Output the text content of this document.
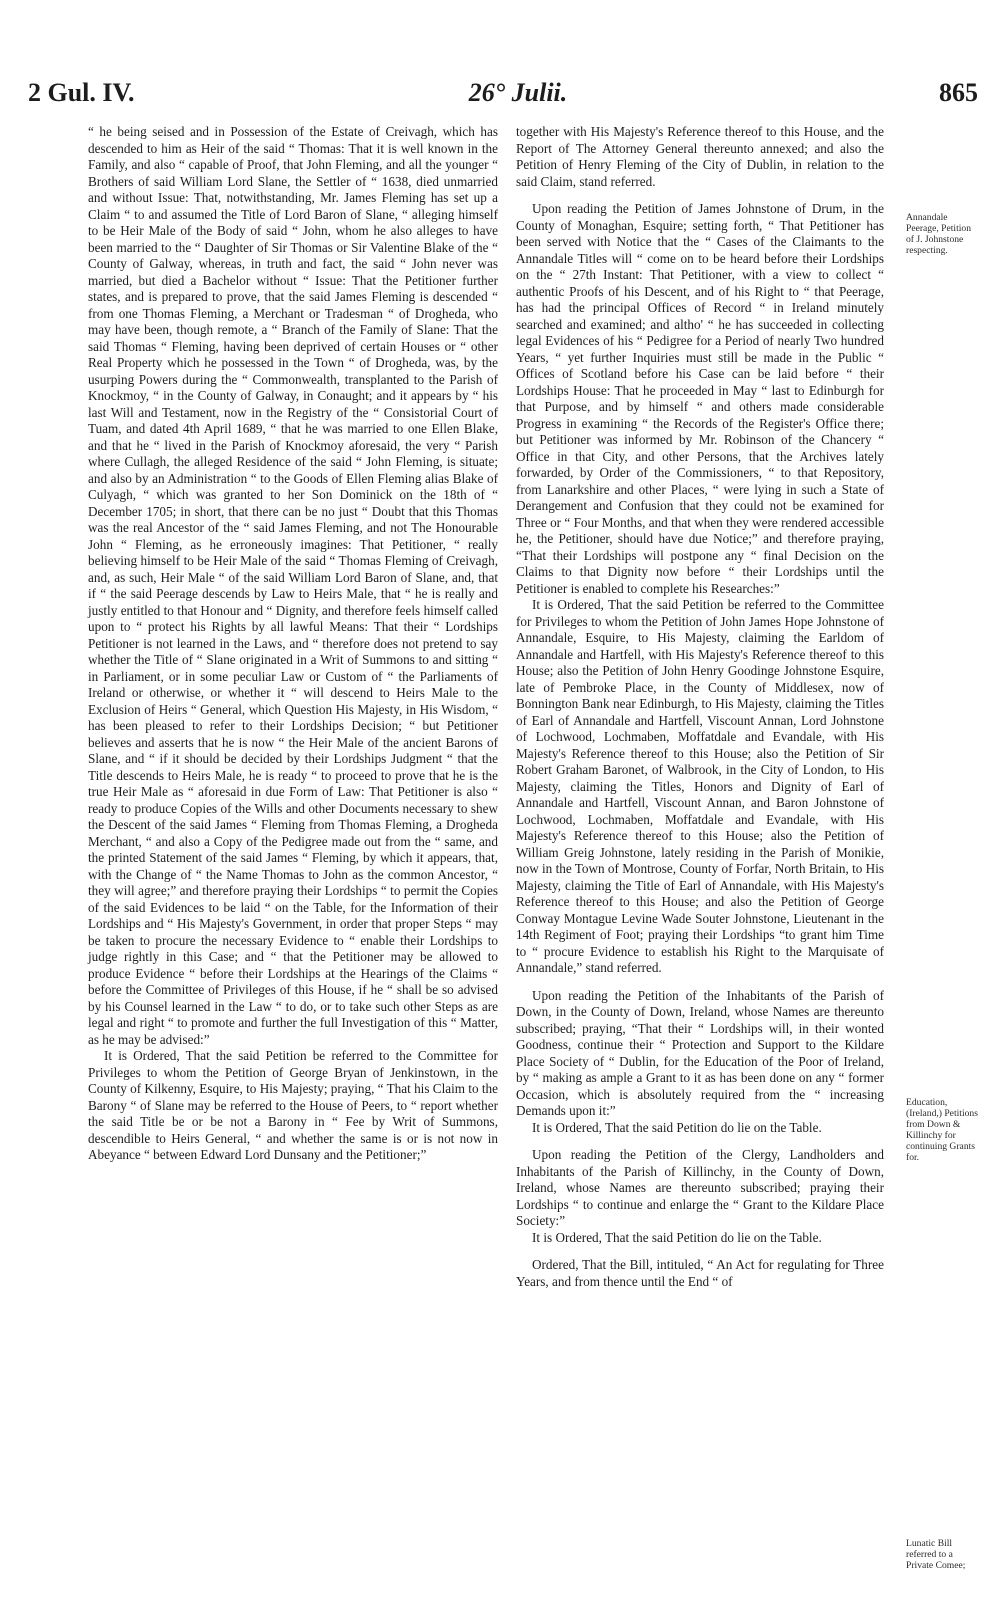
2 Gul. IV.	26° Julii.	865

“ he being seised and in Possession of the Estate of Creivagh, which has descended to him as Heir of the said “ Thomas: That it is well known in the Family, and also “ capable of Proof, that John Fleming, and all the younger “ Brothers of said William Lord Slane, the Settler of “ 1638, died unmarried and without Issue: That, notwithstanding, Mr. James Fleming has set up a Claim “ to and assumed the Title of Lord Baron of Slane, “ alleging himself to be Heir Male of the Body of said “ John, whom he also alleges to have been married to the “ Daughter of Sir Thomas or Sir Valentine Blake of the “ County of Galway, whereas, in truth and fact, the said “ John never was married, but died a Bachelor without “ Issue: That the Petitioner further states, and is prepared to prove, that the said James Fleming is descended “ from one Thomas Fleming, a Merchant or Tradesman “ of Drogheda, who may have been, though remote, a “ Branch of the Family of Slane: That the said Thomas “ Fleming, having been deprived of certain Houses or “ other Real Property which he possessed in the Town “ of Drogheda, was, by the usurping Powers during the “ Commonwealth, transplanted to the Parish of Knockmoy, “ in the County of Galway, in Conaught; and it appears by “ his last Will and Testament, now in the Registry of the “ Consistorial Court of Tuam, and dated 4th April 1689, “ that he was married to one Ellen Blake, and that he “ lived in the Parish of Knockmoy aforesaid, the very “ Parish where Cullagh, the alleged Residence of the said “ John Fleming, is situate; and also by an Administration “ to the Goods of Ellen Fleming alias Blake of Culyagh, “ which was granted to her Son Dominick on the 18th of “ December 1705; in short, that there can be no just “ Doubt that this Thomas was the real Ancestor of the “ said James Fleming, and not The Honourable John “ Fleming, as he erroneously imagines: That Petitioner, “ really believing himself to be Heir Male of the said “ Thomas Fleming of Creivagh, and, as such, Heir Male “ of the said William Lord Baron of Slane, and, that if “ the said Peerage descends by Law to Heirs Male, that “ he is really and justly entitled to that Honour and “ Dignity, and therefore feels himself called upon to “ protect his Rights by all lawful Means: That their “ Lordships Petitioner is not learned in the Laws, and “ therefore does not pretend to say whether the Title of “ Slane originated in a Writ of Summons to and sitting “ in Parliament, or in some peculiar Law or Custom of “ the Parliaments of Ireland or otherwise, or whether it “ will descend to Heirs Male to the Exclusion of Heirs “ General, which Question His Majesty, in His Wisdom, “ has been pleased to refer to their Lordships Decision; “ but Petitioner believes and asserts that he is now “ the Heir Male of the ancient Barons of Slane, and “ if it should be decided by their Lordships Judgment “ that the Title descends to Heirs Male, he is ready “ to proceed to prove that he is the true Heir Male as “ aforesaid in due Form of Law: That Petitioner is also “ ready to produce Copies of the Wills and other Documents necessary to shew the Descent of the said James “ Fleming from Thomas Fleming, a Drogheda Merchant, “ and also a Copy of the Pedigree made out from the “ same, and the printed Statement of the said James “ Fleming, by which it appears, that, with the Change of “ the Name Thomas to John as the common Ancestor, “ they will agree;” and therefore praying their Lordships “ to permit the Copies of the said Evidences to be laid “ on the Table, for the Information of their Lordships and “ His Majesty's Government, in order that proper Steps “ may be taken to procure the necessary Evidence to “ enable their Lordships to judge rightly in this Case; and “ that the Petitioner may be allowed to produce Evidence “ before their Lordships at the Hearings of the Claims “ before the Committee of Privileges of this House, if he “ shall be so advised by his Counsel learned in the Law “ to do, or to take such other Steps as are legal and right “ to promote and further the full Investigation of this “ Matter, as he may be advised:”

It is Ordered, That the said Petition be referred to the Committee for Privileges to whom the Petition of George Bryan of Jenkinstown, in the County of Kilkenny, Esquire, to His Majesty; praying, “ That his Claim to the Barony “ of Slane may be referred to the House of Peers, to “ report whether the said Title be or be not a Barony in “ Fee by Writ of Summons, descendible to Heirs General, “ and whether the same is or is not now in Abeyance “ between Edward Lord Dunsany and the Petitioner;”

together with His Majesty's Reference thereof to this House, and the Report of The Attorney General thereunto annexed; and also the Petition of Henry Fleming of the City of Dublin, in relation to the said Claim, stand referred.

Upon reading the Petition of James Johnstone of Drum, in the County of Monaghan, Esquire; setting forth, “ That Petitioner has been served with Notice that the “ Cases of the Claimants to the Annandale Titles will “ come on to be heard before their Lordships on the “ 27th Instant: That Petitioner, with a view to collect “ authentic Proofs of his Descent, and of his Right to “ that Peerage, has had the principal Offices of Record “ in Ireland minutely searched and examined; and altho' “ he has succeeded in collecting legal Evidences of his “ Pedigree for a Period of nearly Two hundred Years, “ yet further Inquiries must still be made in the Public “ Offices of Scotland before his Case can be laid before “ their Lordships House: That he proceeded in May “ last to Edinburgh for that Purpose, and by himself “ and others made considerable Progress in examining “ the Records of the Register's Office there; but Petitioner was informed by Mr. Robinson of the Chancery “ Office in that City, and other Persons, that the Archives lately forwarded, by Order of the Commissioners, “ to that Repository, from Lanarkshire and other Places, “ were lying in such a State of Derangement and Confusion that they could not be examined for Three or “ Four Months, and that when they were rendered accessible he, the Petitioner, should have due Notice;” and therefore praying, “That their Lordships will postpone any “ final Decision on the Claims to that Dignity now before “ their Lordships until the Petitioner is enabled to complete his Researches:”

It is Ordered, That the said Petition be referred to the Committee for Privileges to whom the Petition of John James Hope Johnstone of Annandale, Esquire, to His Majesty, claiming the Earldom of Annandale and Hartfell, with His Majesty's Reference thereof to this House; also the Petition of John Henry Goodinge Johnstone Esquire, late of Pembroke Place, in the County of Middlesex, now of Bonnington Bank near Edinburgh, to His Majesty, claiming the Titles of Earl of Annandale and Hartfell, Viscount Annan, Lord Johnstone of Lochwood, Lochmaben, Moffatdale and Evandale, with His Majesty's Reference thereof to this House; also the Petition of Sir Robert Graham Baronet, of Walbrook, in the City of London, to His Majesty, claiming the Titles, Honors and Dignity of Earl of Annandale and Hartfell, Viscount Annan, and Baron Johnstone of Lochwood, Lochmaben, Moffatdale and Evandale, with His Majesty's Reference thereof to this House; also the Petition of William Greig Johnstone, lately residing in the Parish of Monikie, now in the Town of Montrose, County of Forfar, North Britain, to His Majesty, claiming the Title of Earl of Annandale, with His Majesty's Reference thereof to this House; and also the Petition of George Conway Montague Levine Wade Souter Johnstone, Lieutenant in the 14th Regiment of Foot; praying their Lordships “to grant him Time to “ procure Evidence to establish his Right to the Marquisate of Annandale,” stand referred.

Upon reading the Petition of the Inhabitants of the Parish of Down, in the County of Down, Ireland, whose Names are thereunto subscribed; praying, “That their “ Lordships will, in their wonted Goodness, continue their “ Protection and Support to the Kildare Place Society of “ Dublin, for the Education of the Poor of Ireland, by “ making as ample a Grant to it as has been done on any “ former Occasion, which is absolutely required from the “ increasing Demands upon it:”

It is Ordered, That the said Petition do lie on the Table.

Upon reading the Petition of the Clergy, Landholders and Inhabitants of the Parish of Killinchy, in the County of Down, Ireland, whose Names are thereunto subscribed; praying their Lordships “ to continue and enlarge the “ Grant to the Kildare Place Society:”

It is Ordered, That the said Petition do lie on the Table.

Ordered, That the Bill, intituled, “ An Act for regulating for Three Years, and from thence until the End “ of

Annandale Peerage, Petition of J. Johnstone respecting.
Education, (Ireland,) Petitions from Down & Killinchy for continuing Grants for.
Lunatic Bill referred to a Private Comee;
